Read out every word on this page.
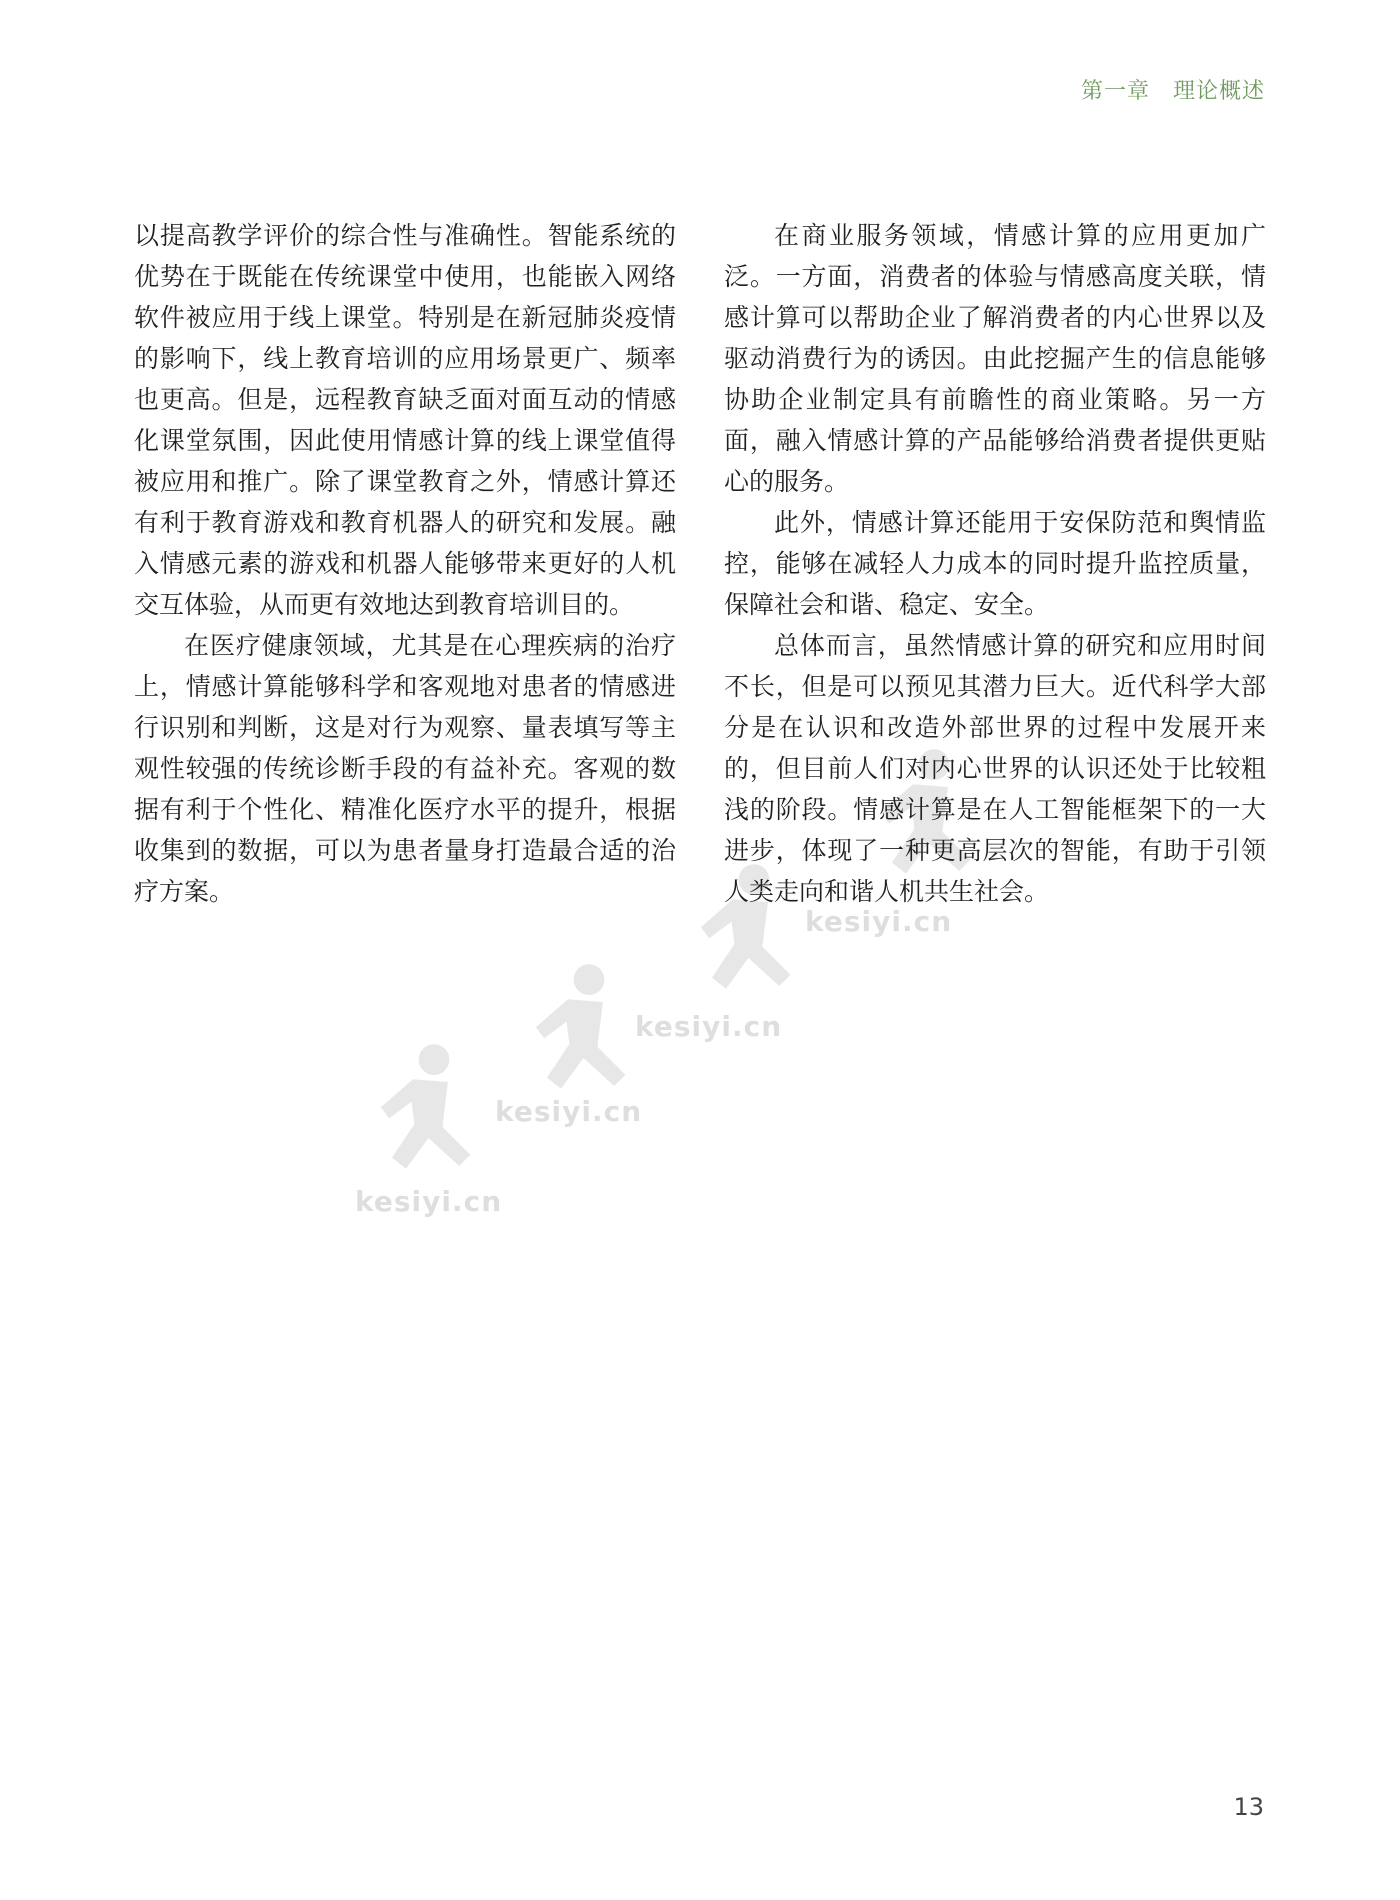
第一章　理论概述
kesiyi.cn
kesiyi.cn
kesiyi.cn
kesiyi.cn

以提高教学评价的综合性与准确性。智能系统的优势在于既能在传统课堂中使用，也能嵌入网络软件被应用于线上课堂。特别是在新冠肺炎疫情的影响下，线上教育培训的应用场景更广、频率也更高。但是，远程教育缺乏面对面互动的情感化课堂氛围，因此使用情感计算的线上课堂值得被应用和推广。除了课堂教育之外，情感计算还有利于教育游戏和教育机器人的研究和发展。融入情感元素的游戏和机器人能够带来更好的人机交互体验，从而更有效地达到教育培训目的。

在医疗健康领域，尤其是在心理疾病的治疗上，情感计算能够科学和客观地对患者的情感进行识别和判断，这是对行为观察、量表填写等主观性较强的传统诊断手段的有益补充。客观的数据有利于个性化、精准化医疗水平的提升，根据收集到的数据，可以为患者量身打造最合适的治疗方案。

在商业服务领域，情感计算的应用更加广泛。一方面，消费者的体验与情感高度关联，情感计算可以帮助企业了解消费者的内心世界以及驱动消费行为的诱因。由此挖掘产生的信息能够协助企业制定具有前瞻性的商业策略。另一方面，融入情感计算的产品能够给消费者提供更贴心的服务。

此外，情感计算还能用于安保防范和舆情监控，能够在减轻人力成本的同时提升监控质量，保障社会和谐、稳定、安全。

总体而言，虽然情感计算的研究和应用时间不长，但是可以预见其潜力巨大。近代科学大部分是在认识和改造外部世界的过程中发展开来的，但目前人们对内心世界的认识还处于比较粗浅的阶段。情感计算是在人工智能框架下的一大进步，体现了一种更高层次的智能，有助于引领人类走向和谐人机共生社会。

13
